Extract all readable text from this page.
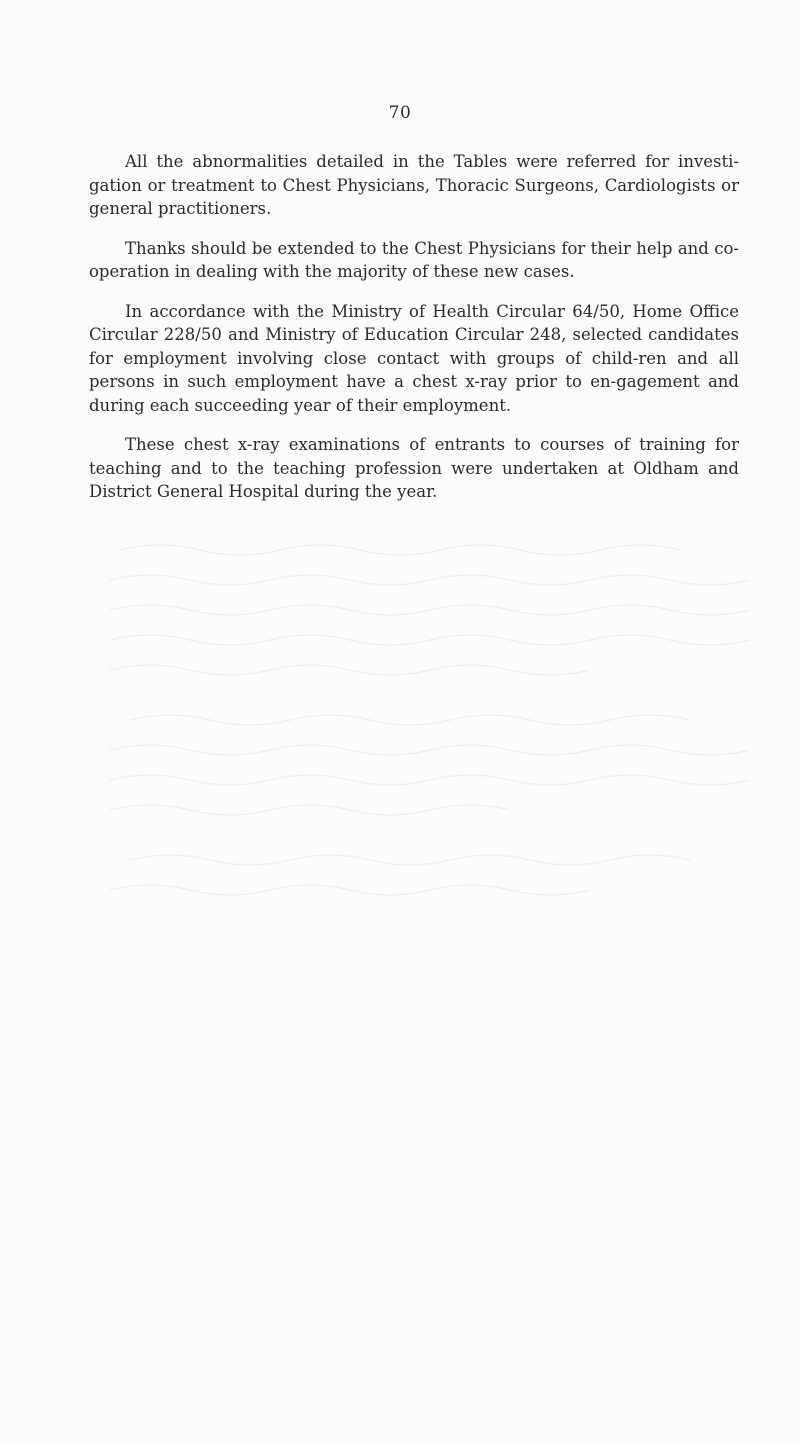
70

All the abnormalities detailed in the Tables were referred for investi-gation or treatment to Chest Physicians, Thoracic Surgeons, Cardiologists or general practitioners.

Thanks should be extended to the Chest Physicians for their help and co-operation in dealing with the majority of these new cases.

In accordance with the Ministry of Health Circular 64/50, Home Office Circular 228/50 and Ministry of Education Circular 248, selected candidates for employment involving close contact with groups of child-ren and all persons in such employment have a chest x-ray prior to en-gagement and during each succeeding year of their employment.

These chest x-ray examinations of entrants to courses of training for teaching and to the teaching profession were undertaken at Oldham and District General Hospital during the year.
